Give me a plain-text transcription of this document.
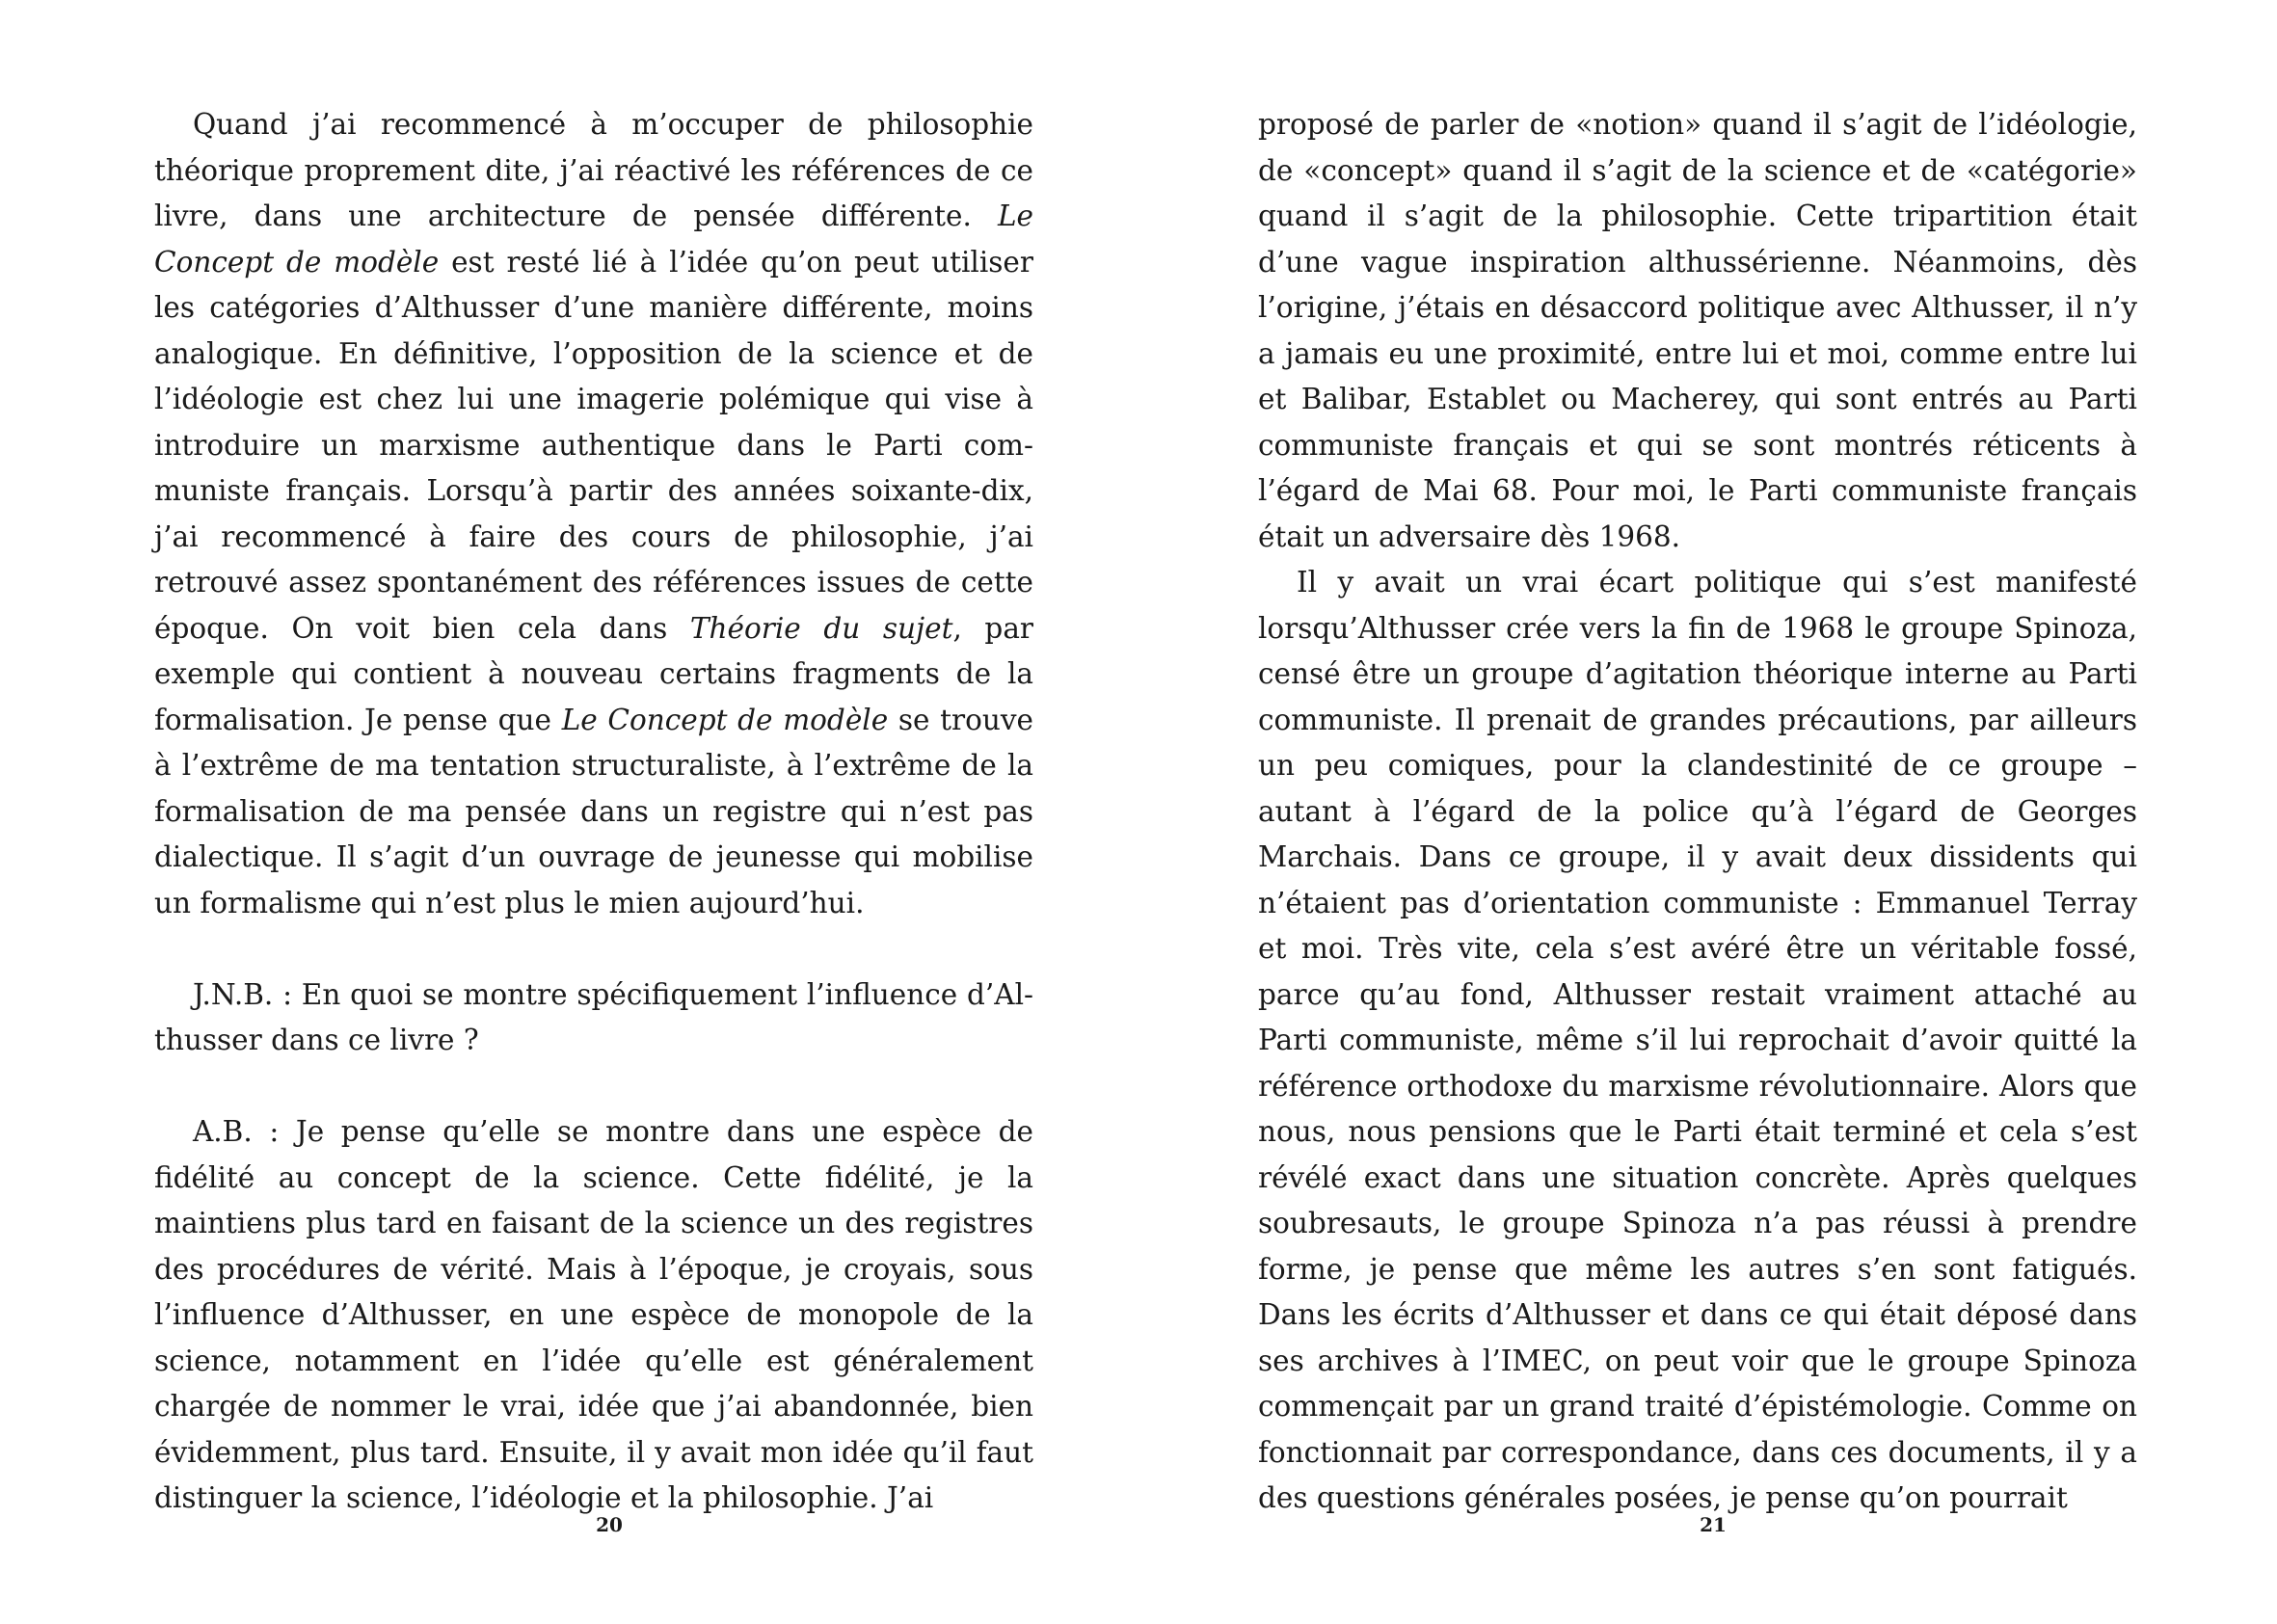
Quand j’ai recommencé à m’occuper de philosophie théorique proprement dite, j’ai réactivé les références de ce livre, dans une architecture de pensée différente. Le Concept de modèle est resté lié à l’idée qu’on peut utiliser les catégories d’Althusser d’une manière différente, moins analogique. En définitive, l’opposition de la science et de l’idéologie est chez lui une imagerie polémique qui vise à introduire un marxisme authentique dans le Parti communiste français. Lorsqu’à partir des années soixante-dix, j’ai recommencé à faire des cours de philosophie, j’ai retrouvé assez spontanément des références issues de cette époque. On voit bien cela dans Théorie du sujet, par exemple qui contient à nouveau certains fragments de la formalisation. Je pense que Le Concept de modèle se trouve à l’extrême de ma tentation structuraliste, à l’extrême de la formalisation de ma pensée dans un registre qui n’est pas dialectique. Il s’agit d’un ouvrage de jeunesse qui mobilise un formalisme qui n’est plus le mien aujourd’hui.

J.N.B. : En quoi se montre spécifiquement l’influence d’Althusser dans ce livre ?

A.B. : Je pense qu’elle se montre dans une espèce de fidélité au concept de la science. Cette fidélité, je la maintiens plus tard en faisant de la science un des registres des procédures de vérité. Mais à l’époque, je croyais, sous l’influence d’Althusser, en une espèce de monopole de la science, notamment en l’idée qu’elle est généralement chargée de nommer le vrai, idée que j’ai abandonnée, bien évidemment, plus tard. Ensuite, il y avait mon idée qu’il faut distinguer la science, l’idéologie et la philosophie. J’ai

proposé de parler de «notion» quand il s’agit de l’idéologie, de «concept» quand il s’agit de la science et de «catégorie» quand il s’agit de la philosophie. Cette tripartition était d’une vague inspiration althussérienne. Néanmoins, dès l’origine, j’étais en désaccord politique avec Althusser, il n’y a jamais eu une proximité, entre lui et moi, comme entre lui et Balibar, Establet ou Macherey, qui sont entrés au Parti communiste français et qui se sont montrés réticents à l’égard de Mai 68. Pour moi, le Parti communiste français était un adversaire dès 1968.

Il y avait un vrai écart politique qui s’est manifesté lorsqu’Althusser crée vers la fin de 1968 le groupe Spinoza, censé être un groupe d’agitation théorique interne au Parti communiste. Il prenait de grandes précautions, par ailleurs un peu comiques, pour la clandestinité de ce groupe – autant à l’égard de la police qu’à l’égard de Georges Marchais. Dans ce groupe, il y avait deux dissidents qui n’étaient pas d’orientation communiste : Emmanuel Terray et moi. Très vite, cela s’est avéré être un véritable fossé, parce qu’au fond, Althusser restait vraiment attaché au Parti communiste, même s’il lui reprochait d’avoir quitté la référence orthodoxe du marxisme révolutionnaire. Alors que nous, nous pensions que le Parti était terminé et cela s’est révélé exact dans une situation concrète. Après quelques soubresauts, le groupe Spinoza n’a pas réussi à prendre forme, je pense que même les autres s’en sont fatigués. Dans les écrits d’Althusser et dans ce qui était déposé dans ses archives à l’IMEC, on peut voir que le groupe Spinoza commençait par un grand traité d’épistémologie. Comme on fonctionnait par correspondance, dans ces documents, il y a des questions générales posées, je pense qu’on pourrait

20	21
